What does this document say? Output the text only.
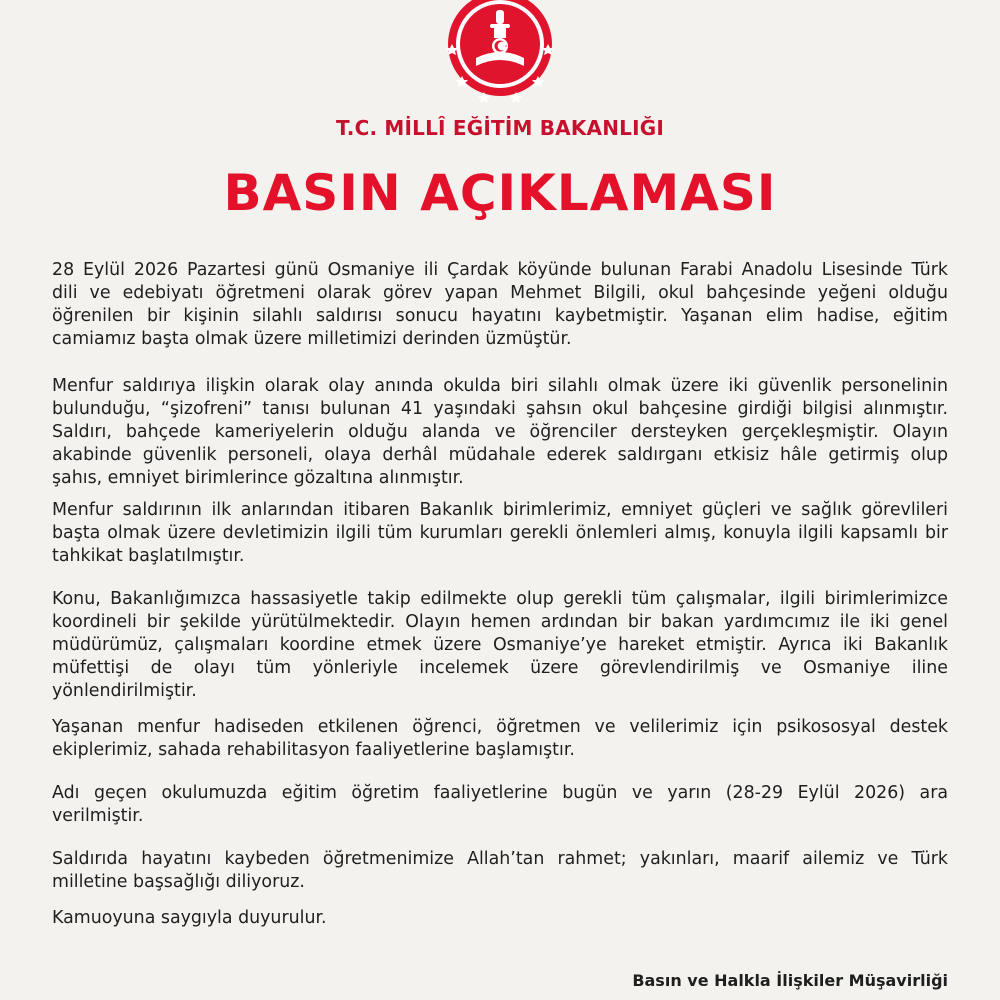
T.C. MİLLÎ EĞİTİM BAKANLIĞI
BASIN AÇIKLAMASI

28 Eylül 2026 Pazartesi günü Osmaniye ili Çardak köyünde bulunan Farabi Anadolu Lisesinde Türk
dili ve edebiyatı öğretmeni olarak görev yapan Mehmet Bilgili, okul bahçesinde yeğeni olduğu
öğrenilen bir kişinin silahlı saldırısı sonucu hayatını kaybetmiştir. Yaşanan elim hadise, eğitim
camiamız başta olmak üzere milletimizi derinden üzmüştür.

Menfur saldırıya ilişkin olarak olay anında okulda biri silahlı olmak üzere iki güvenlik personelinin
bulunduğu, “şizofreni” tanısı bulunan 41 yaşındaki şahsın okul bahçesine girdiği bilgisi alınmıştır.
Saldırı, bahçede kameriyelerin olduğu alanda ve öğrenciler dersteyken gerçekleşmiştir. Olayın
akabinde güvenlik personeli, olaya derhâl müdahale ederek saldırganı etkisiz hâle getirmiş olup
şahıs, emniyet birimlerince gözaltına alınmıştır.

Menfur saldırının ilk anlarından itibaren Bakanlık birimlerimiz, emniyet güçleri ve sağlık görevlileri
başta olmak üzere devletimizin ilgili tüm kurumları gerekli önlemleri almış, konuyla ilgili kapsamlı bir
tahkikat başlatılmıştır.

Konu, Bakanlığımızca hassasiyetle takip edilmekte olup gerekli tüm çalışmalar, ilgili birimlerimizce
koordineli bir şekilde yürütülmektedir. Olayın hemen ardından bir bakan yardımcımız ile iki genel
müdürümüz, çalışmaları koordine etmek üzere Osmaniye’ye hareket etmiştir. Ayrıca iki Bakanlık
müfettişi de olayı tüm yönleriyle incelemek üzere görevlendirilmiş ve Osmaniye iline
yönlendirilmiştir.

Yaşanan menfur hadiseden etkilenen öğrenci, öğretmen ve velilerimiz için psikososyal destek
ekiplerimiz, sahada rehabilitasyon faaliyetlerine başlamıştır.

Adı geçen okulumuzda eğitim öğretim faaliyetlerine bugün ve yarın (28-29 Eylül 2026) ara
verilmiştir.

Saldırıda hayatını kaybeden öğretmenimize Allah’tan rahmet; yakınları, maarif ailemiz ve Türk
milletine başsağlığı diliyoruz.

Kamuoyuna saygıyla duyurulur.

Basın ve Halkla İlişkiler Müşavirliği
